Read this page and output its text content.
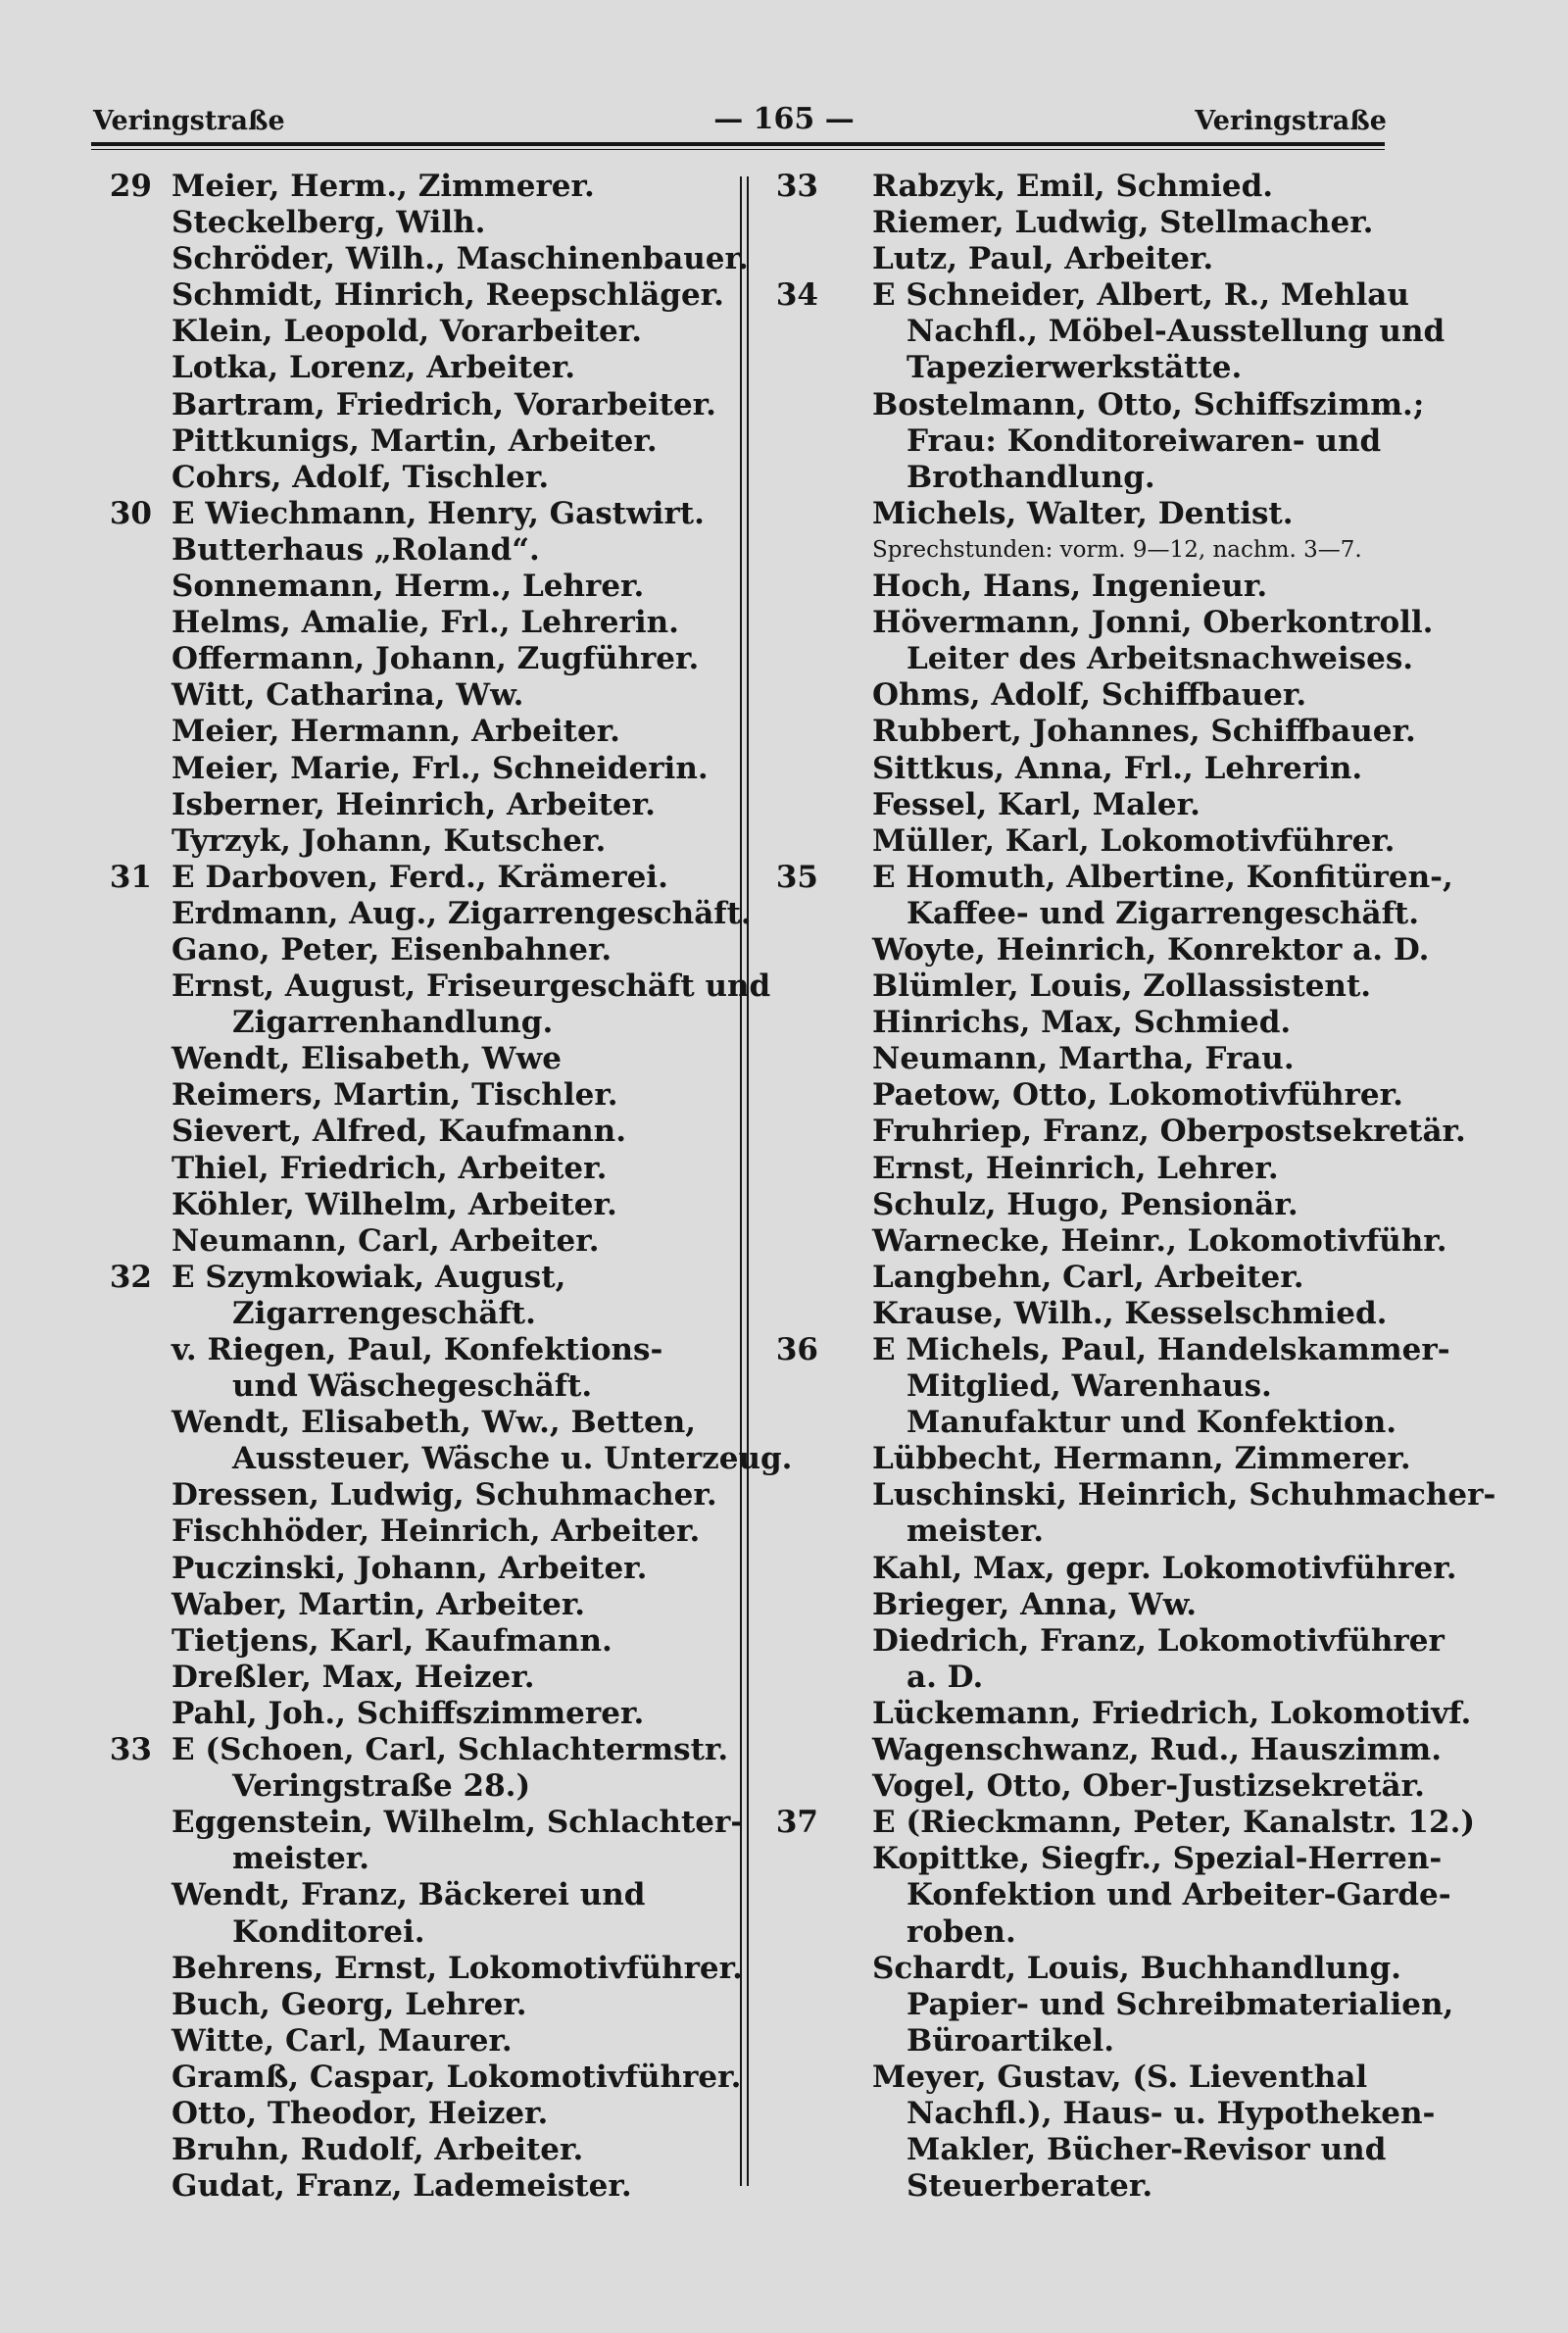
Veringstraße	— 165 —	Veringstraße
29 Meier, Herm., Zimmerer.
Steckelberg, Wilh.
Schröder, Wilh., Maschinenbauer.
Schmidt, Hinrich, Reepschläger.
Klein, Leopold, Vorarbeiter.
Lotka, Lorenz, Arbeiter.
Bartram, Friedrich, Vorarbeiter.
Pittkunigs, Martin, Arbeiter.
Cohrs, Adolf, Tischler.
30 E Wiechmann, Henry, Gastwirt.
Butterhaus „Roland“.
Sonnemann, Herm., Lehrer.
Helms, Amalie, Frl., Lehrerin.
Offermann, Johann, Zugführer.
Witt, Catharina, Ww.
Meier, Hermann, Arbeiter.
Meier, Marie, Frl., Schneiderin.
Isberner, Heinrich, Arbeiter.
Tyrzyk, Johann, Kutscher.
31 E Darboven, Ferd., Krämerei.
Erdmann, Aug., Zigarrengeschäft.
Gano, Peter, Eisenbahner.
Ernst, August, Friseurgeschäft und
Zigarrenhandlung.
Wendt, Elisabeth, Wwe
Reimers, Martin, Tischler.
Sievert, Alfred, Kaufmann.
Thiel, Friedrich, Arbeiter.
Köhler, Wilhelm, Arbeiter.
Neumann, Carl, Arbeiter.
32 E Szymkowiak, August,
Zigarrengeschäft.
v. Riegen, Paul, Konfektions-
und Wäschegeschäft.
Wendt, Elisabeth, Ww., Betten,
Aussteuer, Wäsche u. Unterzeug.
Dressen, Ludwig, Schuhmacher.
Fischhöder, Heinrich, Arbeiter.
Puczinski, Johann, Arbeiter.
Waber, Martin, Arbeiter.
Tietjens, Karl, Kaufmann.
Dreßler, Max, Heizer.
Pahl, Joh., Schiffszimmerer.
33 E (Schoen, Carl, Schlachtermstr.
Veringstraße 28.)
Eggenstein, Wilhelm, Schlachter-
meister.
Wendt, Franz, Bäckerei und
Konditorei.
Behrens, Ernst, Lokomotivführer.
Buch, Georg, Lehrer.
Witte, Carl, Maurer.
Gramß, Caspar, Lokomotivführer.
Otto, Theodor, Heizer.
Bruhn, Rudolf, Arbeiter.
Gudat, Franz, Lademeister.
33 Rabzyk, Emil, Schmied.
Riemer, Ludwig, Stellmacher.
Lutz, Paul, Arbeiter.
34 E Schneider, Albert, R., Mehlau
Nachfl., Möbel-Ausstellung und
Tapezierwerkstätte.
Bostelmann, Otto, Schiffszimm.;
Frau: Konditoreiwaren- und
Brothandlung.
Michels, Walter, Dentist.
Sprechstunden: vorm. 9—12, nachm. 3—7.
Hoch, Hans, Ingenieur.
Hövermann, Jonni, Oberkontroll.
Leiter des Arbeitsnachweises.
Ohms, Adolf, Schiffbauer.
Rubbert, Johannes, Schiffbauer.
Sittkus, Anna, Frl., Lehrerin.
Fessel, Karl, Maler.
Müller, Karl, Lokomotivführer.
35 E Homuth, Albertine, Konfitüren-,
Kaffee- und Zigarrengeschäft.
Woyte, Heinrich, Konrektor a. D.
Blümler, Louis, Zollassistent.
Hinrichs, Max, Schmied.
Neumann, Martha, Frau.
Paetow, Otto, Lokomotivführer.
Fruhriep, Franz, Oberpostsekretär.
Ernst, Heinrich, Lehrer.
Schulz, Hugo, Pensionär.
Warnecke, Heinr., Lokomotivführ.
Langbehn, Carl, Arbeiter.
Krause, Wilh., Kesselschmied.
36 E Michels, Paul, Handelskammer-
Mitglied, Warenhaus.
Manufaktur und Konfektion.
Lübbecht, Hermann, Zimmerer.
Luschinski, Heinrich, Schuhmacher-
meister.
Kahl, Max, gepr. Lokomotivführer.
Brieger, Anna, Ww.
Diedrich, Franz, Lokomotivführer
a. D.
Lückemann, Friedrich, Lokomotivf.
Wagenschwanz, Rud., Hauszimm.
Vogel, Otto, Ober-Justizsekretär.
37 E (Rieckmann, Peter, Kanalstr. 12.)
Kopittke, Siegfr., Spezial-Herren-
Konfektion und Arbeiter-Garde-
roben.
Schardt, Louis, Buchhandlung.
Papier- und Schreibmaterialien,
Büroartikel.
Meyer, Gustav, (S. Lieventhal
Nachfl.), Haus- u. Hypotheken-
Makler, Bücher-Revisor und
Steuerberater.
